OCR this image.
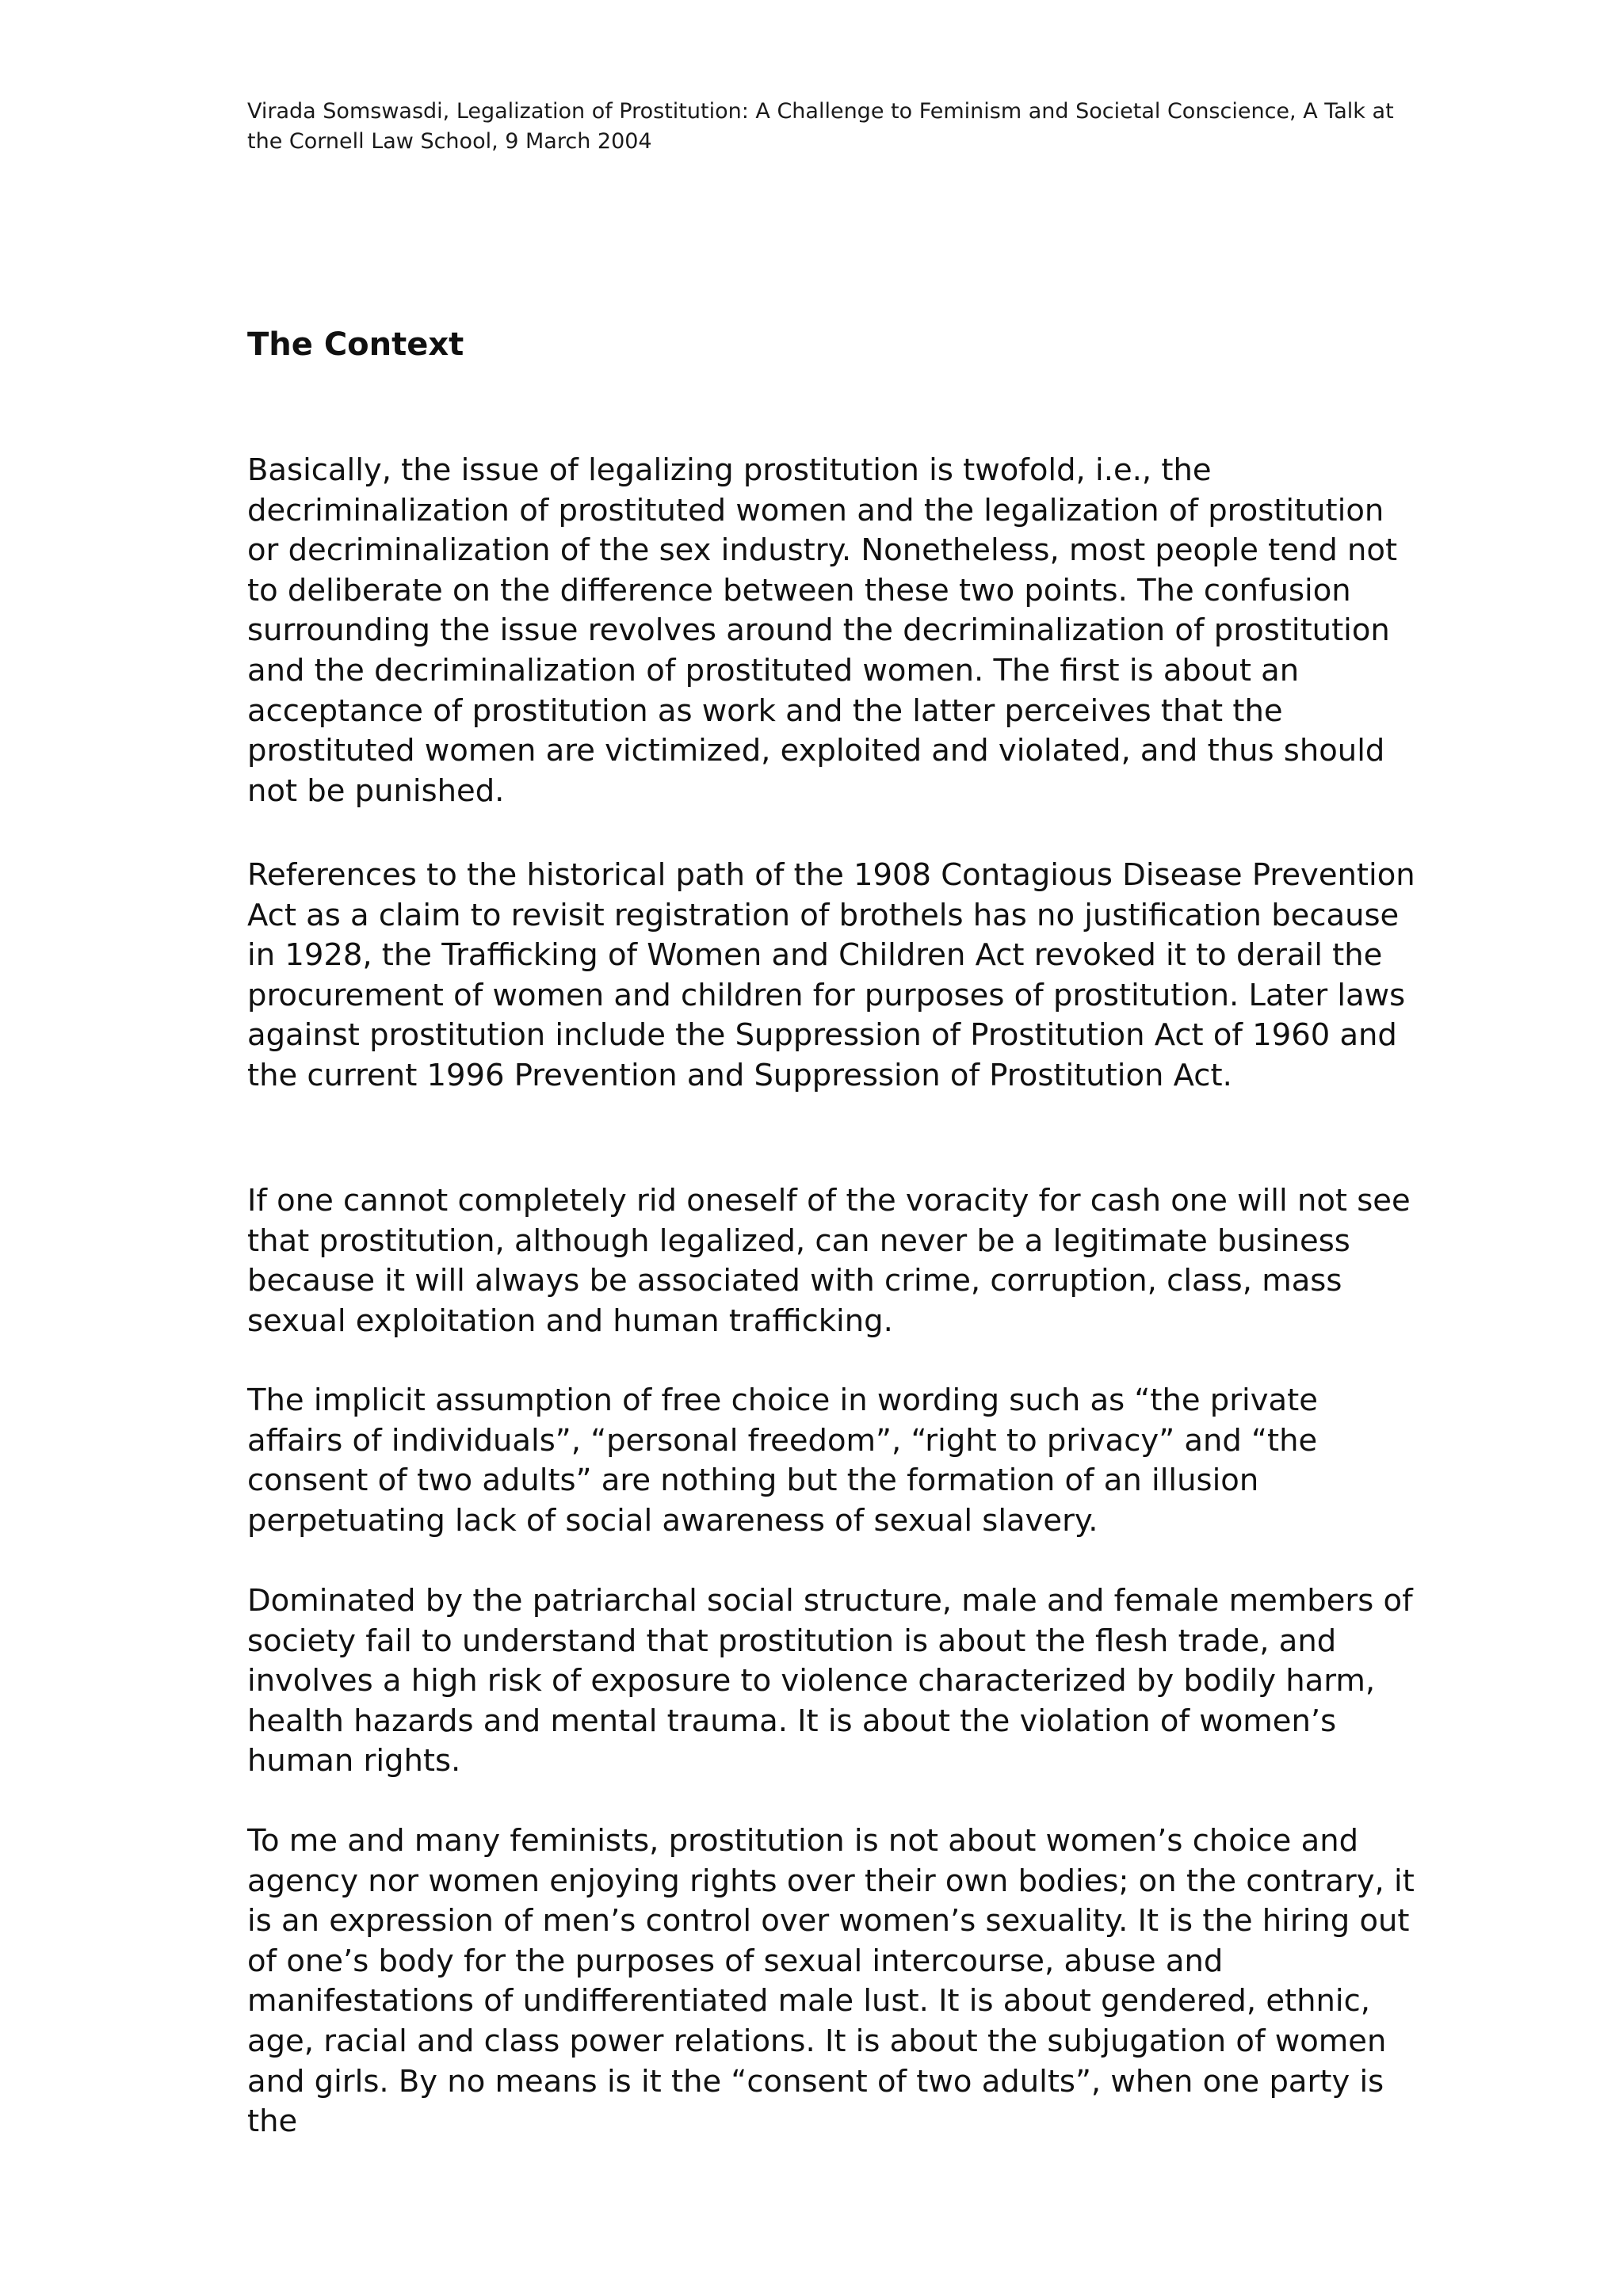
Virada Somswasdi, Legalization of Prostitution: A Challenge to Feminism and Societal Conscience, A Talk at the Cornell Law School, 9 March 2004
The Context

Basically, the issue of legalizing prostitution is twofold, i.e., the decriminalization of prostituted women and the legalization of prostitution or decriminalization of the sex industry. Nonetheless, most people tend not to deliberate on the difference between these two points. The confusion surrounding the issue revolves around the decriminalization of prostitution and the decriminalization of prostituted women. The first is about an acceptance of prostitution as work and the latter perceives that the prostituted women are victimized, exploited and violated, and thus should not be punished.

References to the historical path of the 1908 Contagious Disease Prevention Act as a claim to revisit registration of brothels has no justification because in 1928, the Trafficking of Women and Children Act revoked it to derail the procurement of women and children for purposes of prostitution. Later laws against prostitution include the Suppression of Prostitution Act of 1960 and the current 1996 Prevention and Suppression of Prostitution Act.

If one cannot completely rid oneself of the voracity for cash one will not see that prostitution, although legalized, can never be a legitimate business because it will always be associated with crime, corruption, class, mass sexual exploitation and human trafficking.

The implicit assumption of free choice in wording such as “the private affairs of individuals”, “personal freedom”, “right to privacy” and “the consent of two adults” are nothing but the formation of an illusion perpetuating lack of social awareness of sexual slavery.

Dominated by the patriarchal social structure, male and female members of society fail to understand that prostitution is about the flesh trade, and involves a high risk of exposure to violence characterized by bodily harm, health hazards and mental trauma. It is about the violation of women’s human rights.

To me and many feminists, prostitution is not about women’s choice and agency nor women enjoying rights over their own bodies; on the contrary, it is an expression of men’s control over women’s sexuality. It is the hiring out of one’s body for the purposes of sexual intercourse, abuse and manifestations of undifferentiated male lust. It is about gendered, ethnic, age, racial and class power relations. It is about the subjugation of women and girls. By no means is it the “consent of two adults”, when one party is the
